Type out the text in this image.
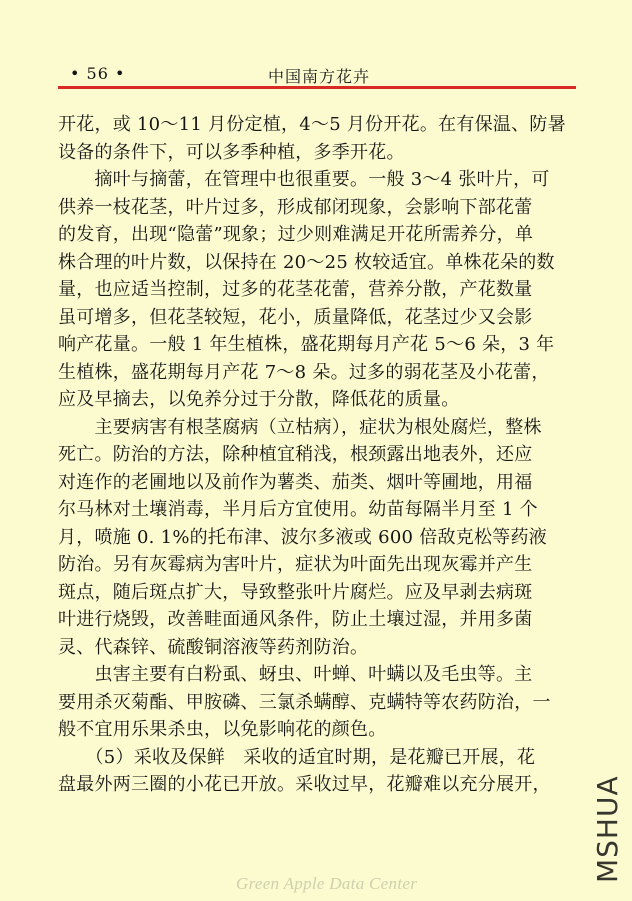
• 56 •	中国南方花卉

开花，或 10～11 月份定植，4～5 月份开花。在有保温、防暑

设备的条件下，可以多季种植，多季开花。

　　摘叶与摘蕾，在管理中也很重要。一般 3～4 张叶片，可

供养一枝花茎，叶片过多，形成郁闭现象，会影响下部花蕾

的发育，出现“隐蕾”现象；过少则难满足开花所需养分，单

株合理的叶片数，以保持在 20～25 枚较适宜。单株花朵的数

量，也应适当控制，过多的花茎花蕾，营养分散，产花数量

虽可增多，但花茎较短，花小，质量降低，花茎过少又会影

响产花量。一般 1 年生植株，盛花期每月产花 5～6 朵，3 年

生植株，盛花期每月产花 7～8 朵。过多的弱花茎及小花蕾，

应及早摘去，以免养分过于分散，降低花的质量。

　　主要病害有根茎腐病（立枯病），症状为根处腐烂，整株

死亡。防治的方法，除种植宜稍浅，根颈露出地表外，还应

对连作的老圃地以及前作为薯类、茄类、烟叶等圃地，用福

尔马林对土壤消毒，半月后方宜使用。幼苗每隔半月至 1 个

月，喷施 0. 1%的托布津、波尔多液或 600 倍敌克松等药液

防治。另有灰霉病为害叶片，症状为叶面先出现灰霉并产生

斑点，随后斑点扩大，导致整张叶片腐烂。应及早剥去病斑

叶进行烧毁，改善畦面通风条件，防止土壤过湿，并用多菌

灵、代森锌、硫酸铜溶液等药剂防治。

　　虫害主要有白粉虱、蚜虫、叶蝉、叶螨以及毛虫等。主

要用杀灭菊酯、甲胺磷、三氯杀螨醇、克螨特等农药防治，一

般不宜用乐果杀虫，以免影响花的颜色。

　　（5）采收及保鲜　采收的适宜时期，是花瓣已开展，花

盘最外两三圈的小花已开放。采收过早，花瓣难以充分展开，	MSHUA
Green Apple Data Center
